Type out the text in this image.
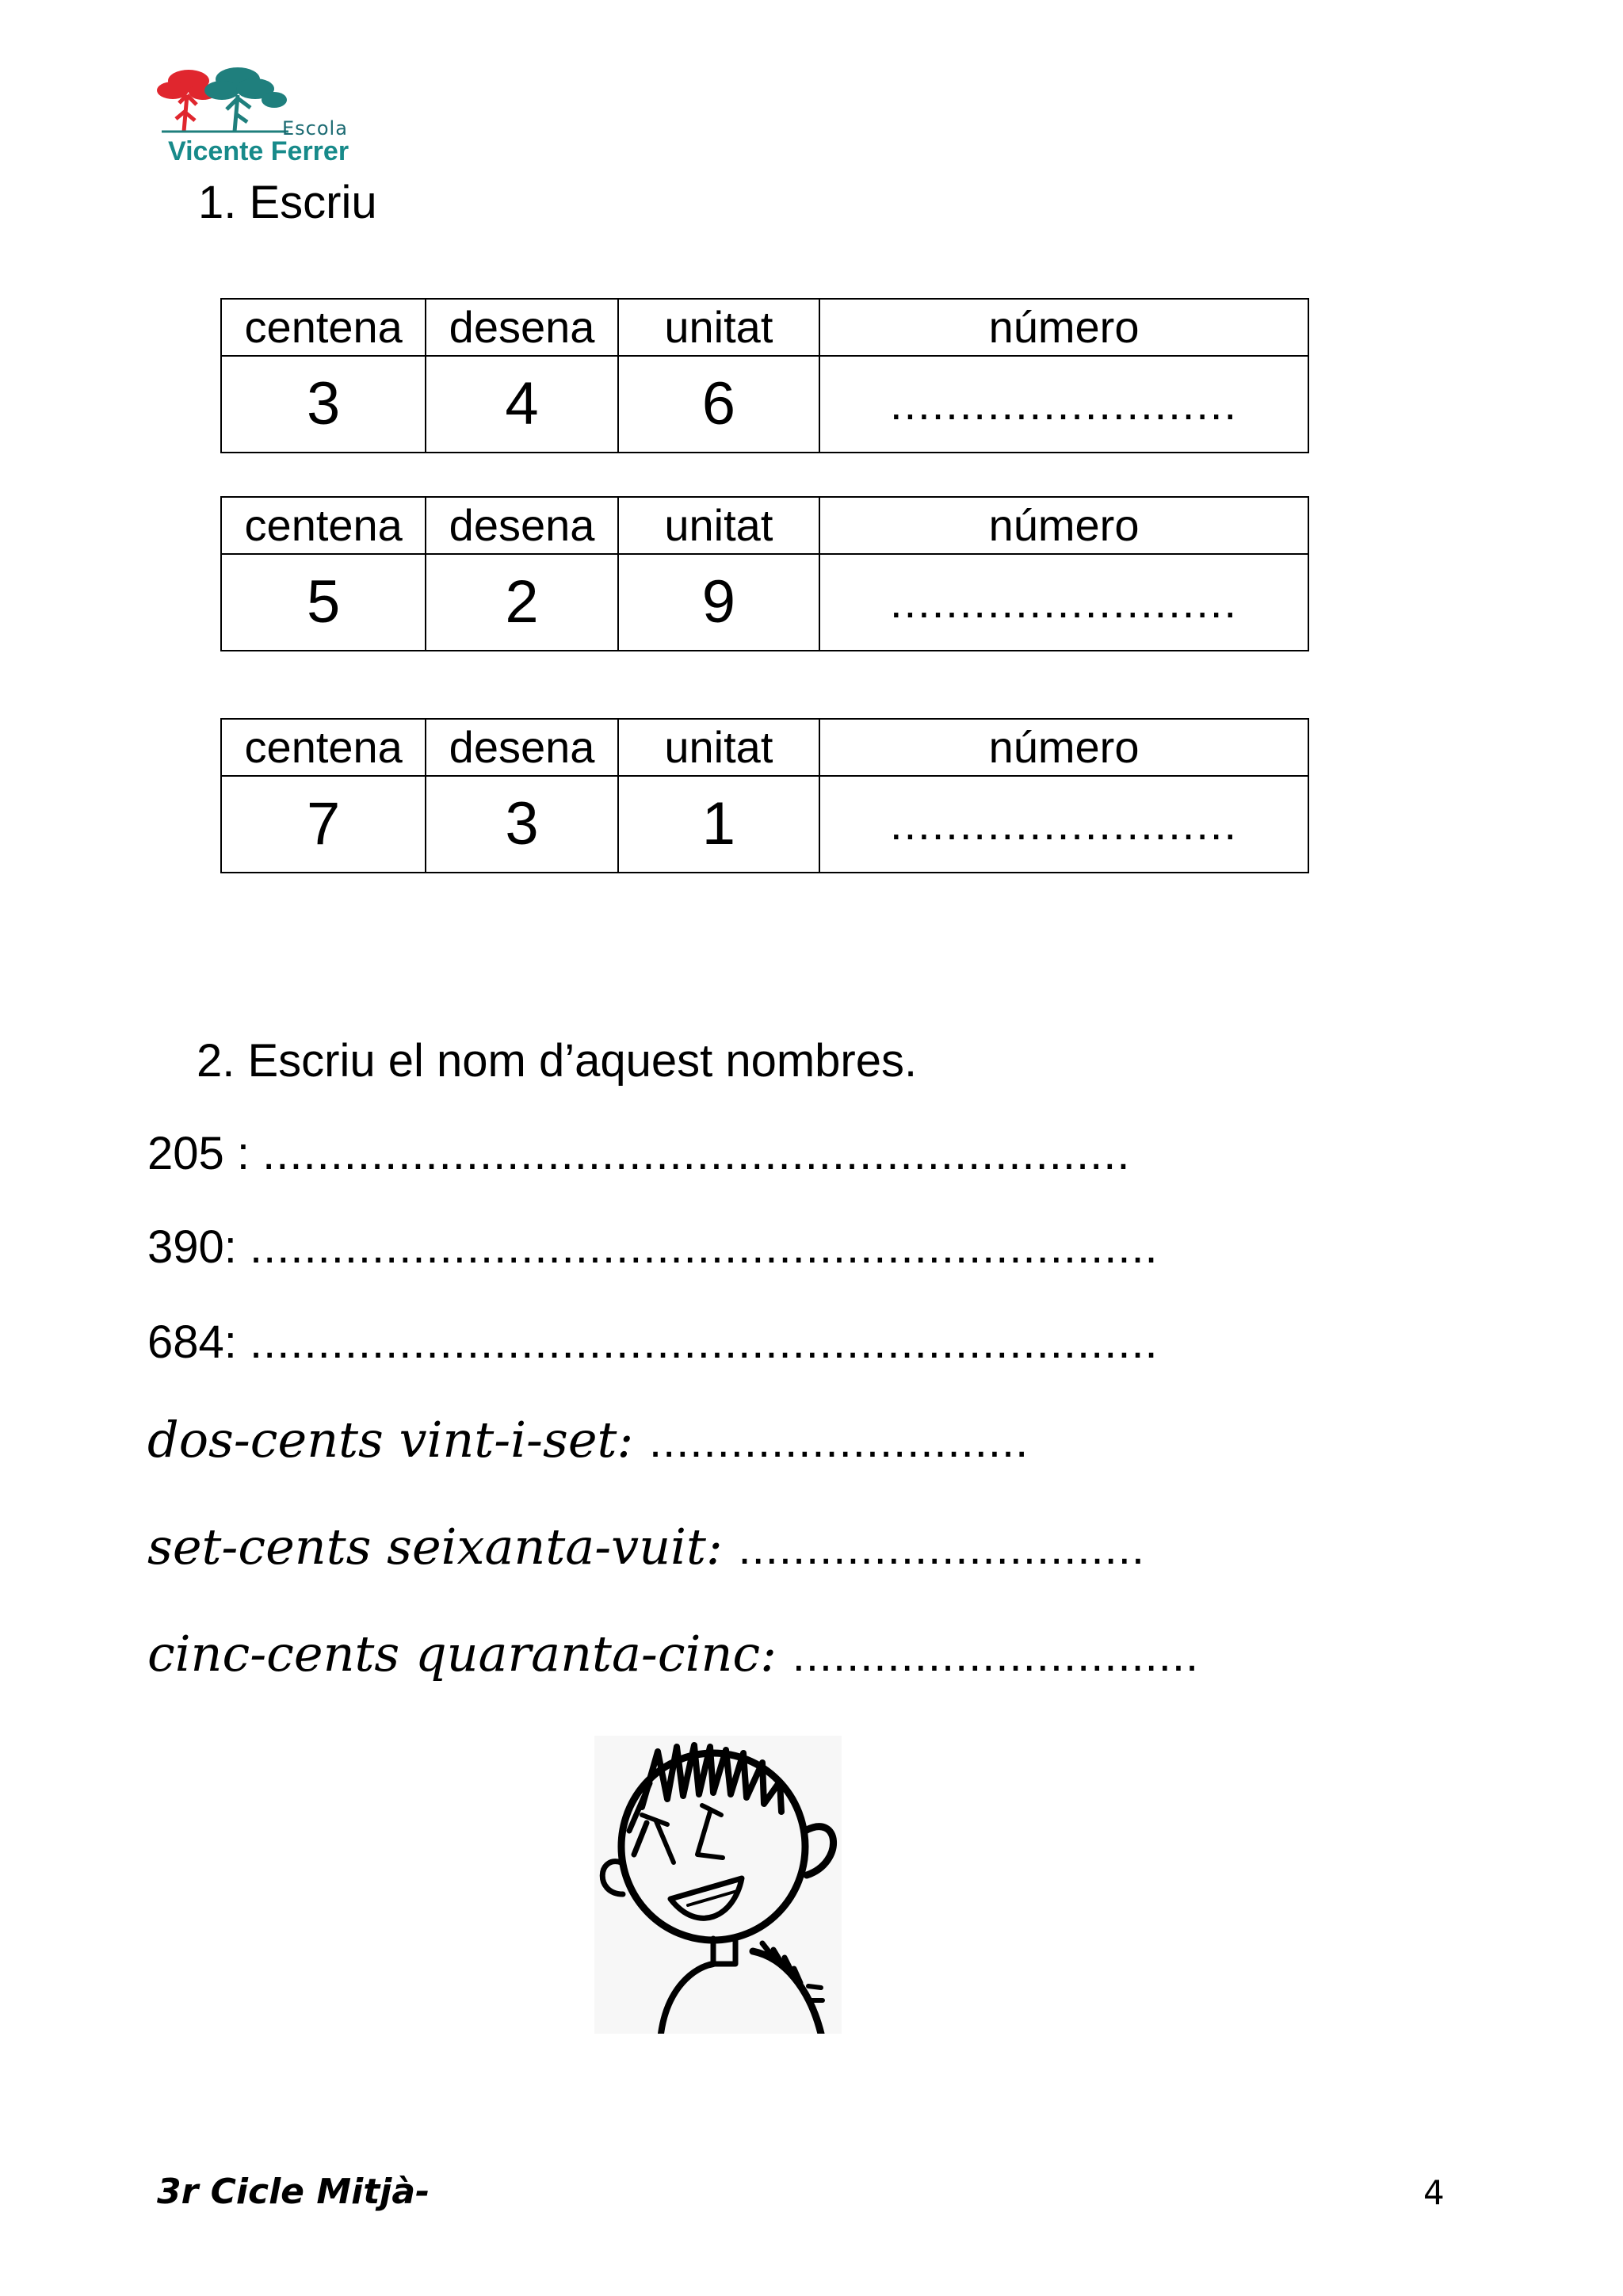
Escola
Vicente Ferrer
1. Escriu
centena	desena	unitat	número
3	4	6	.........................
centena	desena	unitat	número
5	2	9	.........................
centena	desena	unitat	número
7	3	1	.........................
2. Escriu el nom d’aquest nombres.
205 : ................................................................
390: ...................................................................
684: ...................................................................
dos-cents vint-i-set: ............................
set-cents seixanta-vuit: ..............................
cinc-cents quaranta-cinc: ..............................
3r Cicle Mitjà-	4
